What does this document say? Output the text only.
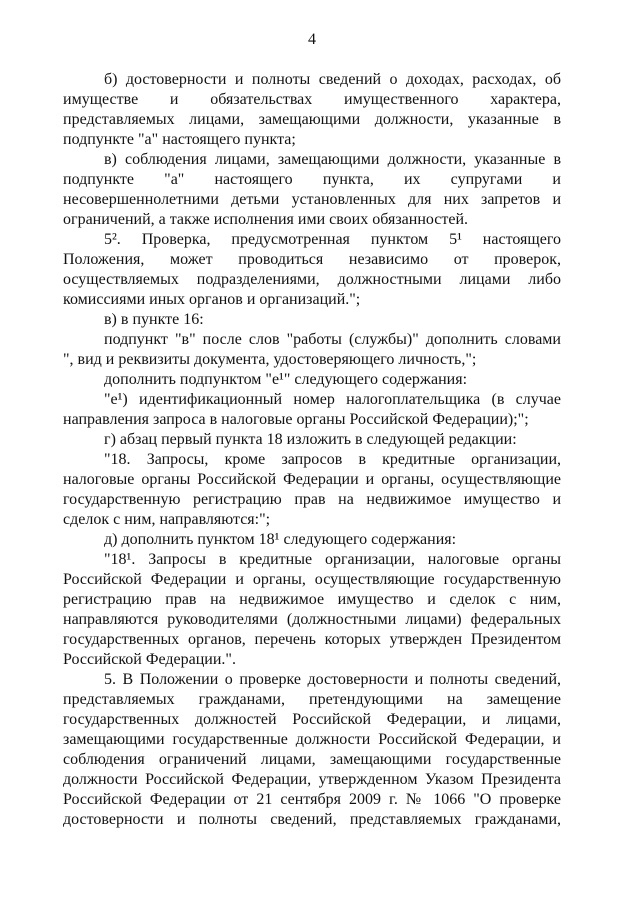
4
б) достоверности и полноты сведений о доходах, расходах, об
имуществе и обязательствах имущественного характера,
представляемых лицами, замещающими должности, указанные в
подпункте "а" настоящего пункта;
в) соблюдения лицами, замещающими должности, указанные в
подпункте "а" настоящего пункта, их супругами и
несовершеннолетними детьми установленных для них запретов и
ограничений, а также исполнения ими своих обязанностей.
5². Проверка, предусмотренная пунктом 5¹ настоящего
Положения, может проводиться независимо от проверок,
осуществляемых подразделениями, должностными лицами либо
комиссиями иных органов и организаций.";
в) в пункте 16:
подпункт "в" после слов "работы (службы)" дополнить словами
", вид и реквизиты документа, удостоверяющего личность,";
дополнить подпунктом "е¹" следующего содержания:
"е¹) идентификационный номер налогоплательщика (в случае
направления запроса в налоговые органы Российской Федерации);";
г) абзац первый пункта 18 изложить в следующей редакции:
"18. Запросы, кроме запросов в кредитные организации,
налоговые органы Российской Федерации и органы, осуществляющие
государственную регистрацию прав на недвижимое имущество и
сделок с ним, направляются:";
д) дополнить пунктом 18¹ следующего содержания:
"18¹. Запросы в кредитные организации, налоговые органы
Российской Федерации и органы, осуществляющие государственную
регистрацию прав на недвижимое имущество и сделок с ним,
направляются руководителями (должностными лицами) федеральных
государственных органов, перечень которых утвержден Президентом
Российской Федерации.".
5. В Положении о проверке достоверности и полноты сведений,
представляемых гражданами, претендующими на замещение
государственных должностей Российской Федерации, и лицами,
замещающими государственные должности Российской Федерации, и
соблюдения ограничений лицами, замещающими государственные
должности Российской Федерации, утвержденном Указом Президента
Российской Федерации от 21 сентября 2009 г. № 1066 "О проверке
достоверности и полноты сведений, представляемых гражданами,
